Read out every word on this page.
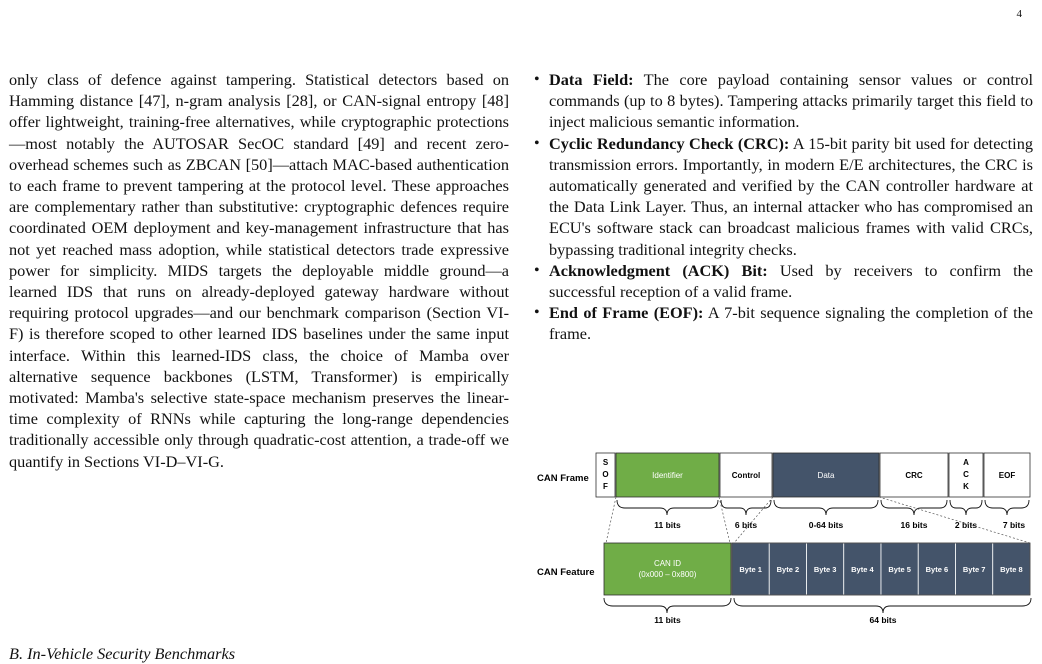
4

only class of defence against tampering. Statistical detectors based on Hamming distance [47], n-gram analysis [28], or CAN-signal entropy [48] offer lightweight, training-free alternatives, while cryptographic protections—most notably the AUTOSAR SecOC standard [49] and recent zero-overhead schemes such as ZBCAN [50]—attach MAC-based authentication to each frame to prevent tampering at the protocol level. These approaches are complementary rather than substitutive: cryptographic defences require coordinated OEM deployment and key-management infrastructure that has not yet reached mass adoption, while statistical detectors trade expressive power for simplicity. MIDS targets the deployable middle ground—a learned IDS that runs on already-deployed gateway hardware without requiring protocol upgrades—and our benchmark comparison (Section VI-F) is therefore scoped to other learned IDS baselines under the same input interface. Within this learned-IDS class, the choice of Mamba over alternative sequence backbones (LSTM, Transformer) is empirically motivated: Mamba's selective state-space mechanism preserves the linear-time complexity of RNNs while capturing the long-range dependencies traditionally accessible only through quadratic-cost attention, a trade-off we quantify in Sections VI-D–VI-G.

B. In-Vehicle Security Benchmarks
• Data Field: The core payload containing sensor values or control commands (up to 8 bytes). Tampering attacks primarily target this field to inject malicious semantic information.
• Cyclic Redundancy Check (CRC): A 15-bit parity bit used for detecting transmission errors. Importantly, in modern E/E architectures, the CRC is automatically generated and verified by the CAN controller hardware at the Data Link Layer. Thus, an internal attacker who has compromised an ECU's software stack can broadcast malicious frames with valid CRCs, bypassing traditional integrity checks.
• Acknowledgment (ACK) Bit: Used by receivers to confirm the successful reception of a valid frame.
• End of Frame (EOF): A 7-bit sequence signaling the completion of the frame.
CAN Frame
CAN Feature
S
O
F
Identifier	Control	Data	CRC
A
C
K
EOF
11 bits	6 bits	0-64 bits	16 bits	2 bits	7 bits
CAN ID
(0x000 – 0x800)
Byte 1 Byte 2 Byte 3 Byte 4 Byte 5 Byte 6 Byte 7 Byte 8
11 bits	64 bits
